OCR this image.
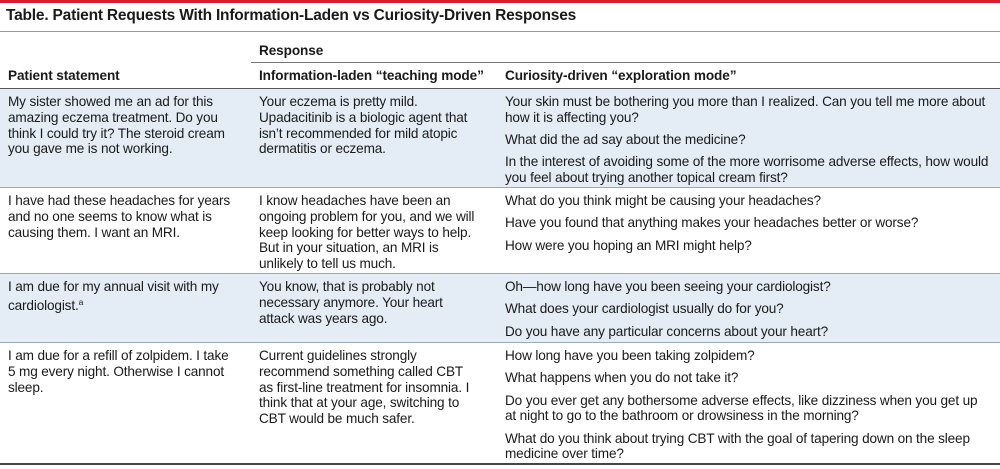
Table. Patient Requests With Information-Laden vs Curiosity-Driven Responses
Response
Patient statement	Information-laden “teaching mode” Curiosity-driven “exploration mode”
My sister showed me an ad for this amazing eczema treatment. Do you think I could try it? The steroid cream you gave me is not working.
Your eczema is pretty mild. Upadacitinib is a biologic agent that isn’t recommended for mild atopic dermatitis or eczema.
Your skin must be bothering you more than I realized. Can you tell me more about how it is affecting you?
What did the ad say about the medicine?
In the interest of avoiding some of the more worrisome adverse effects, how would you feel about trying another topical cream first?
I have had these headaches for years and no one seems to know what is causing them. I want an MRI.
I know headaches have been an ongoing problem for you, and we will keep looking for better ways to help. But in your situation, an MRI is unlikely to tell us much.
What do you think might be causing your headaches?
Have you found that anything makes your headaches better or worse?
How were you hoping an MRI might help?
I am due for my annual visit with my cardiologist.$^a$
You know, that is probably not necessary anymore. Your heart attack was years ago.
Oh—how long have you been seeing your cardiologist?
What does your cardiologist usually do for you?
Do you have any particular concerns about your heart?
I am due for a refill of zolpidem. I take 5 mg every night. Otherwise I cannot sleep.
Current guidelines strongly recommend something called CBT as first-line treatment for insomnia. I think that at your age, switching to CBT would be much safer.
How long have you been taking zolpidem?
What happens when you do not take it?
Do you ever get any bothersome adverse effects, like dizziness when you get up at night to go to the bathroom or drowsiness in the morning?
What do you think about trying CBT with the goal of tapering down on the sleep medicine over time?
